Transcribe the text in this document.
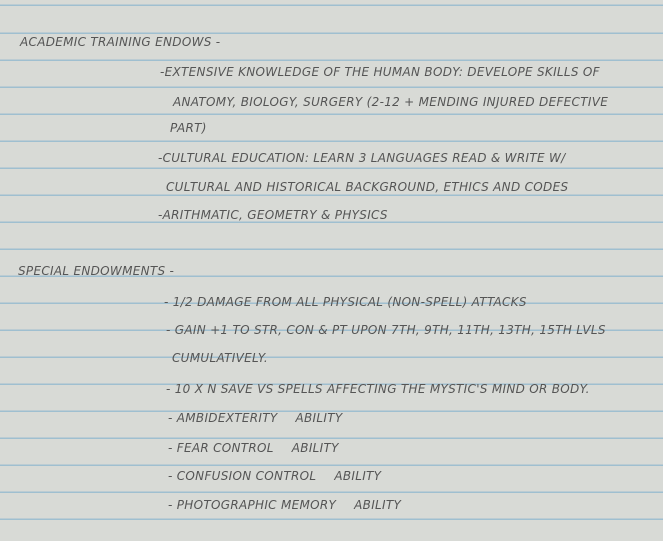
ACADEMIC TRAINING ENDOWS -
-EXTENSIVE KNOWLEDGE OF THE HUMAN BODY: DEVELOPE SKILLS OF
ANATOMY, BIOLOGY, SURGERY (2-12 + MENDING INJURED DEFECTIVE
PART)
-CULTURAL EDUCATION: LEARN 3 LANGUAGES READ & WRITE W/
CULTURAL AND HISTORICAL BACKGROUND, ETHICS AND CODES
-ARITHMATIC, GEOMETRY & PHYSICS
SPECIAL ENDOWMENTS -
- 1/2 DAMAGE FROM ALL PHYSICAL (NON-SPELL) ATTACKS
- GAIN +1 TO STR, CON & PT UPON 7TH, 9TH, 11TH, 13TH, 15TH LVLS
CUMULATIVELY.
- 10 X N SAVE VS SPELLS AFFECTING THE MYSTIC'S MIND OR BODY.
- AMBIDEXTERITY ABILITY
- FEAR CONTROL ABILITY
- CONFUSION CONTROL ABILITY
- PHOTOGRAPHIC MEMORY ABILITY
